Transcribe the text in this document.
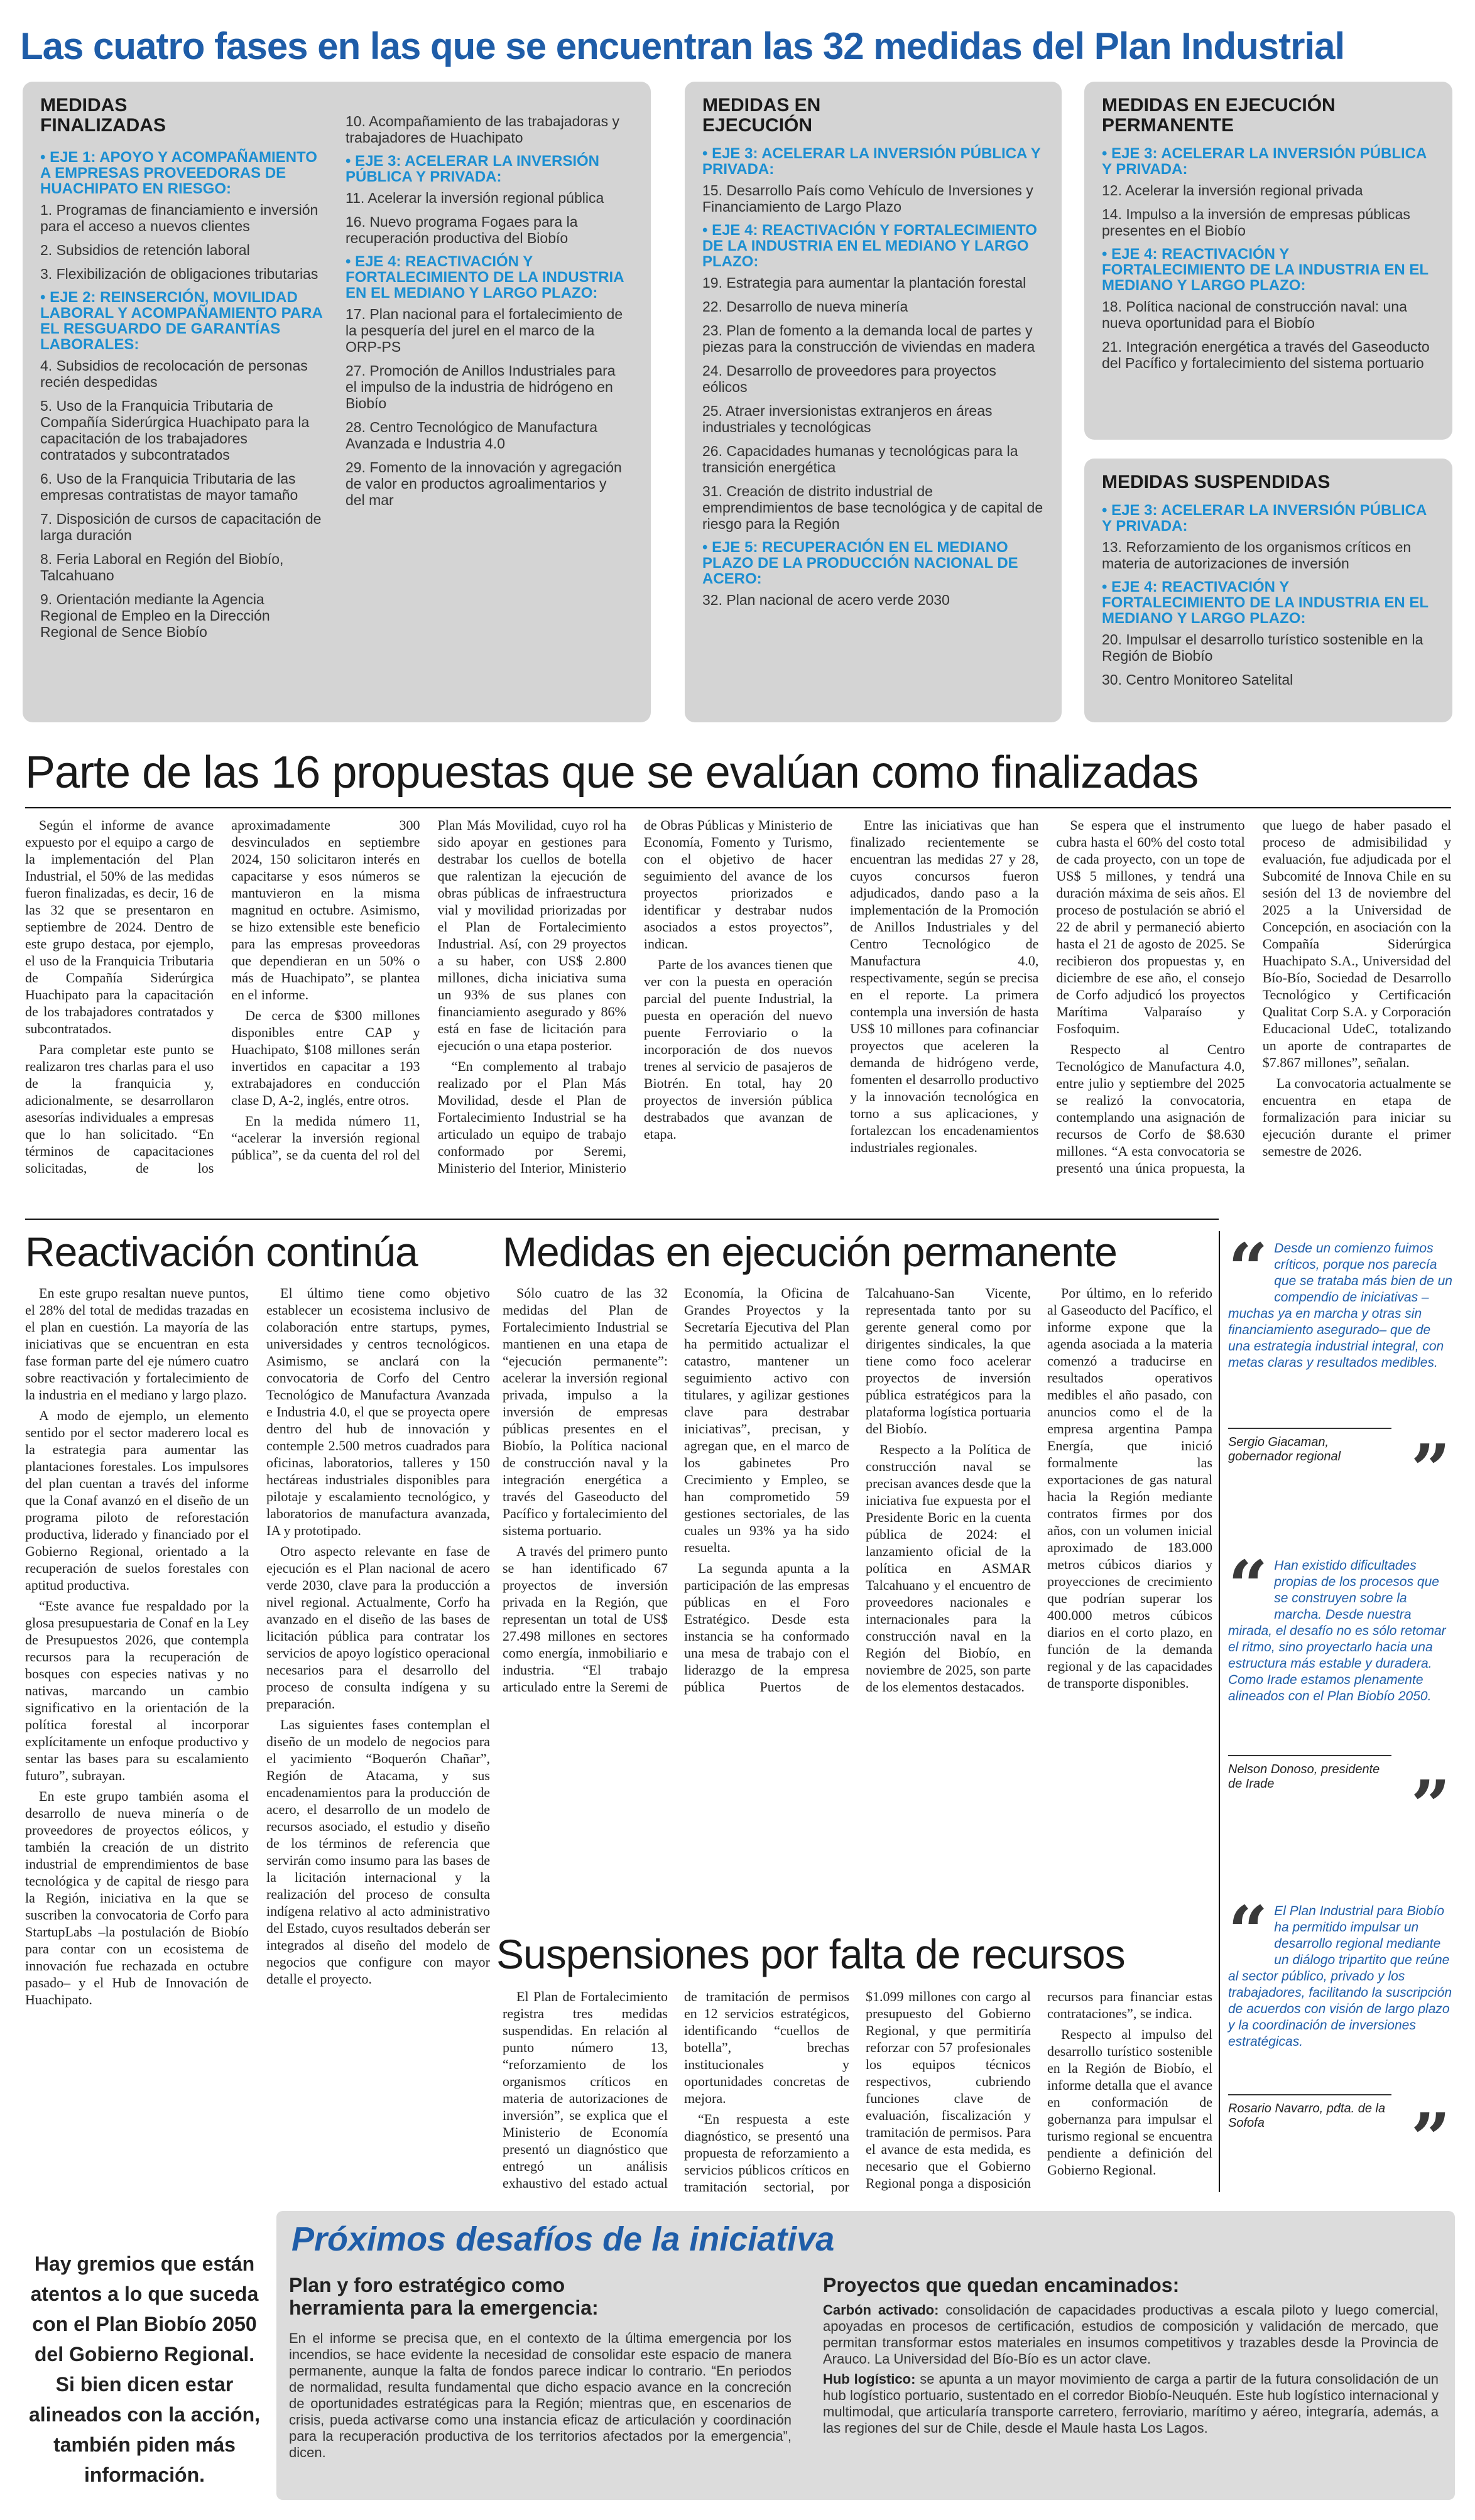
Las cuatro fases en las que se encuentran las 32 medidas del Plan Industrial
MEDIDAS FINALIZADAS
• EJE 1: APOYO Y ACOMPAÑAMIENTO A EMPRESAS PROVEEDORAS DE HUACHIPATO EN RIESGO:
1. Programas de financiamiento e inversión para el acceso a nuevos clientes
2. Subsidios de retención laboral
3. Flexibilización de obligaciones tributarias
• EJE 2: REINSERCIÓN, MOVILIDAD LABORAL Y ACOMPAÑAMIENTO PARA EL RESGUARDO DE GARANTÍAS LABORALES:
4. Subsidios de recolocación de personas recién despedidas
5. Uso de la Franquicia Tributaria de Compañía Siderúrgica Huachipato para la capacitación de los trabajadores contratados y subcontratados
6. Uso de la Franquicia Tributaria de las empresas contratistas de mayor tamaño
7. Disposición de cursos de capacitación de larga duración
8. Feria Laboral en Región del Biobío, Talcahuano
9. Orientación mediante la Agencia Regional de Empleo en la Dirección Regional de Sence Biobío
10. Acompañamiento de las trabajadoras y trabajadores de Huachipato
• EJE 3: ACELERAR LA INVERSIÓN PÚBLICA Y PRIVADA:
11. Acelerar la inversión regional pública
16. Nuevo programa Fogaes para la recuperación productiva del Biobío
• EJE 4: REACTIVACIÓN Y FORTALECIMIENTO DE LA INDUSTRIA EN EL MEDIANO Y LARGO PLAZO:
17. Plan nacional para el fortalecimiento de la pesquería del jurel en el marco de la ORP-PS
27. Promoción de Anillos Industriales para el impulso de la industria de hidrógeno en Biobío
28. Centro Tecnológico de Manufactura Avanzada e Industria 4.0
29. Fomento de la innovación y agregación de valor en productos agroalimentarios y del mar
MEDIDAS EN EJECUCIÓN
• EJE 3: ACELERAR LA INVERSIÓN PÚBLICA Y PRIVADA:
15. Desarrollo País como Vehículo de Inversiones y Financiamiento de Largo Plazo
• EJE 4: REACTIVACIÓN Y FORTALECIMIENTO DE LA INDUSTRIA EN EL MEDIANO Y LARGO PLAZO:
19. Estrategia para aumentar la plantación forestal
22. Desarrollo de nueva minería
23. Plan de fomento a la demanda local de partes y piezas para la construcción de viviendas en madera
24. Desarrollo de proveedores para proyectos eólicos
25. Atraer inversionistas extranjeros en áreas industriales y tecnológicas
26. Capacidades humanas y tecnológicas para la transición energética
31. Creación de distrito industrial de emprendimientos de base tecnológica y de capital de riesgo para la Región
• EJE 5: RECUPERACIÓN EN EL MEDIANO PLAZO DE LA PRODUCCIÓN NACIONAL DE ACERO:
32. Plan nacional de acero verde 2030
MEDIDAS EN EJECUCIÓN PERMANENTE
• EJE 3: ACELERAR LA INVERSIÓN PÚBLICA Y PRIVADA:
12. Acelerar la inversión regional privada
14. Impulso a la inversión de empresas públicas presentes en el Biobío
• EJE 4: REACTIVACIÓN Y FORTALECIMIENTO DE LA INDUSTRIA EN EL MEDIANO Y LARGO PLAZO:
18. Política nacional de construcción naval: una nueva oportunidad para el Biobío
21. Integración energética a través del Gaseoducto del Pacífico y fortalecimiento del sistema portuario
MEDIDAS SUSPENDIDAS
• EJE 3: ACELERAR LA INVERSIÓN PÚBLICA Y PRIVADA:
13. Reforzamiento de los organismos críticos en materia de autorizaciones de inversión
• EJE 4: REACTIVACIÓN Y FORTALECIMIENTO DE LA INDUSTRIA EN EL MEDIANO Y LARGO PLAZO:
20. Impulsar el desarrollo turístico sostenible en la Región de Biobío
30. Centro Monitoreo Satelital
Parte de las 16 propuestas que se evalúan como finalizadas

Según el informe de avance expuesto por el equipo a cargo de la implementación del Plan Industrial, el 50% de las medidas fueron finalizadas, es decir, 16 de las 32 que se presentaron en septiembre de 2024. Dentro de este grupo destaca, por ejemplo, el uso de la Franquicia Tributaria de Compañía Siderúrgica Huachipato para la capacitación de los trabajadores contratados y subcontratados.

Para completar este punto se realizaron tres charlas para el uso de la franquicia y, adicionalmente, se desarrollaron asesorías individuales a empresas que lo han solicitado. “En términos de capacitaciones solicitadas, de los aproximadamente 300 desvinculados en septiembre 2024, 150 solicitaron interés en capacitarse y esos números se mantuvieron en la misma magnitud en octubre. Asimismo, se hizo extensible este beneficio para las empresas proveedoras que dependieran en un 50% o más de Huachipato”, se plantea en el informe.

De cerca de $300 millones disponibles entre CAP y Huachipato, $108 millones serán invertidos en capacitar a 193 extrabajadores en conducción clase D, A-2, inglés, entre otros.

En la medida número 11, “acelerar la inversión regional pública”, se da cuenta del rol del Plan Más Movilidad, cuyo rol ha sido apoyar en gestiones para destrabar los cuellos de botella que ralentizan la ejecución de obras públicas de infraestructura vial y movilidad priorizadas por el Plan de Fortalecimiento Industrial. Así, con 29 proyectos a su haber, con US$ 2.800 millones, dicha iniciativa suma un 93% de sus planes con financiamiento asegurado y 86% está en fase de licitación para ejecución o una etapa posterior.

“En complemento al trabajo realizado por el Plan Más Movilidad, desde el Plan de Fortalecimiento Industrial se ha articulado un equipo de trabajo conformado por Seremi, Ministerio del Interior, Ministerio de Obras Públicas y Ministerio de Economía, Fomento y Turismo, con el objetivo de hacer seguimiento del avance de los proyectos priorizados e identificar y destrabar nudos asociados a estos proyectos”, indican.

Parte de los avances tienen que ver con la puesta en operación parcial del puente Industrial, la puesta en operación del nuevo puente Ferroviario o la incorporación de dos nuevos trenes al servicio de pasajeros de Biotrén. En total, hay 20 proyectos de inversión pública destrabados que avanzan de etapa.

Entre las iniciativas que han finalizado recientemente se encuentran las medidas 27 y 28, cuyos concursos fueron adjudicados, dando paso a la implementación de la Promoción de Anillos Industriales y del Centro Tecnológico de Manufactura 4.0, respectivamente, según se precisa en el reporte. La primera contempla una inversión de hasta US$ 10 millones para cofinanciar proyectos que aceleren la demanda de hidrógeno verde, fomenten el desarrollo productivo y la innovación tecnológica en torno a sus aplicaciones, y fortalezcan los encadenamientos industriales regionales.

Se espera que el instrumento cubra hasta el 60% del costo total de cada proyecto, con un tope de US$ 5 millones, y tendrá una duración máxima de seis años. El proceso de postulación se abrió el 22 de abril y permaneció abierto hasta el 21 de agosto de 2025. Se recibieron dos propuestas y, en diciembre de ese año, el consejo de Corfo adjudicó los proyectos Marítima Valparaíso y Fosfoquim.

Respecto al Centro Tecnológico de Manufactura 4.0, entre julio y septiembre del 2025 se realizó la convocatoria, contemplando una asignación de recursos de Corfo de $8.630 millones. “A esta convocatoria se presentó una única propuesta, la que luego de haber pasado el proceso de admisibilidad y evaluación, fue adjudicada por el Subcomité de Innova Chile en su sesión del 13 de noviembre del 2025 a la Universidad de Concepción, en asociación con la Compañía Siderúrgica Huachipato S.A., Universidad del Bío-Bío, Sociedad de Desarrollo Tecnológico y Certificación Qualitat Corp S.A. y Corporación Educacional UdeC, totalizando un aporte de contrapartes de $7.867 millones”, señalan.

La convocatoria actualmente se encuentra en etapa de formalización para iniciar su ejecución durante el primer semestre de 2026.

Reactivación continúa

En este grupo resaltan nueve puntos, el 28% del total de medidas trazadas en el plan en cuestión. La mayoría de las iniciativas que se encuentran en esta fase forman parte del eje número cuatro sobre reactivación y fortalecimiento de la industria en el mediano y largo plazo.

A modo de ejemplo, un elemento sentido por el sector maderero local es la estrategia para aumentar las plantaciones forestales. Los impulsores del plan cuentan a través del informe que la Conaf avanzó en el diseño de un programa piloto de reforestación productiva, liderado y financiado por el Gobierno Regional, orientado a la recuperación de suelos forestales con aptitud productiva.

“Este avance fue respaldado por la glosa presupuestaria de Conaf en la Ley de Presupuestos 2026, que contempla recursos para la recuperación de bosques con especies nativas y no nativas, marcando un cambio significativo en la orientación de la política forestal al incorporar explícitamente un enfoque productivo y sentar las bases para su escalamiento futuro”, subrayan.

En este grupo también asoma el desarrollo de nueva minería o de proveedores de proyectos eólicos, y también la creación de un distrito industrial de emprendimientos de base tecnológica y de capital de riesgo para la Región, iniciativa en la que se suscriben la convocatoria de Corfo para StartupLabs –la postulación de Biobío para contar con un ecosistema de innovación fue rechazada en octubre pasado– y el Hub de Innovación de Huachipato.

El último tiene como objetivo establecer un ecosistema inclusivo de colaboración entre startups, pymes, universidades y centros tecnológicos. Asimismo, se anclará con la convocatoria de Corfo del Centro Tecnológico de Manufactura Avanzada e Industria 4.0, el que se proyecta opere dentro del hub de innovación y contemple 2.500 metros cuadrados para oficinas, laboratorios, talleres y 150 hectáreas industriales disponibles para pilotaje y escalamiento tecnológico, y laboratorios de manufactura avanzada, IA y prototipado.

Otro aspecto relevante en fase de ejecución es el Plan nacional de acero verde 2030, clave para la producción a nivel regional. Actualmente, Corfo ha avanzado en el diseño de las bases de licitación pública para contratar los servicios de apoyo logístico operacional necesarios para el desarrollo del proceso de consulta indígena y su preparación.

Las siguientes fases contemplan el diseño de un modelo de negocios para el yacimiento “Boquerón Chañar”, Región de Atacama, y sus encadenamientos para la producción de acero, el desarrollo de un modelo de recursos asociado, el estudio y diseño de los términos de referencia que servirán como insumo para las bases de la licitación internacional y la realización del proceso de consulta indígena relativo al acto administrativo del Estado, cuyos resultados deberán ser integrados al diseño del modelo de negocios que configure con mayor detalle el proyecto.

Medidas en ejecución permanente

Sólo cuatro de las 32 medidas del Plan de Fortalecimiento Industrial se mantienen en una etapa de “ejecución permanente”: acelerar la inversión regional privada, impulso a la inversión de empresas públicas presentes en el Biobío, la Política nacional de construcción naval y la integración energética a través del Gaseoducto del Pacífico y fortalecimiento del sistema portuario.

A través del primero punto se han identificado 67 proyectos de inversión privada en la Región, que representan un total de US$ 27.498 millones en sectores como energía, inmobiliario e industria. “El trabajo articulado entre la Seremi de Economía, la Oficina de Grandes Proyectos y la Secretaría Ejecutiva del Plan ha permitido actualizar el catastro, mantener un seguimiento activo con titulares, y agilizar gestiones clave para destrabar iniciativas”, precisan, y agregan que, en el marco de los gabinetes Pro Crecimiento y Empleo, se han comprometido 59 gestiones sectoriales, de las cuales un 93% ya ha sido resuelta.

La segunda apunta a la participación de las empresas públicas en el Foro Estratégico. Desde esta instancia se ha conformado una mesa de trabajo con el liderazgo de la empresa pública Puertos de Talcahuano-San Vicente, representada tanto por su gerente general como por dirigentes sindicales, la que tiene como foco acelerar proyectos de inversión pública estratégicos para la plataforma logística portuaria del Biobío.

Respecto a la Política de construcción naval se precisan avances desde que la iniciativa fue expuesta por el Presidente Boric en la cuenta pública de 2024: el lanzamiento oficial de la política en ASMAR Talcahuano y el encuentro de proveedores nacionales e internacionales para la construcción naval en la Región del Biobío, en noviembre de 2025, son parte de los elementos destacados.

Por último, en lo referido al Gaseoducto del Pacífico, el informe expone que la agenda asociada a la materia comenzó a traducirse en resultados operativos medibles el año pasado, con anuncios como el de la empresa argentina Pampa Energía, que inició formalmente las exportaciones de gas natural hacia la Región mediante contratos firmes por dos años, con un volumen inicial aproximado de 183.000 metros cúbicos diarios y proyecciones de crecimiento que podrían superar los 400.000 metros cúbicos diarios en el corto plazo, en función de la demanda regional y de las capacidades de transporte disponibles.

Suspensiones por falta de recursos

El Plan de Fortalecimiento registra tres medidas suspendidas. En relación al punto número 13, “reforzamiento de los organismos críticos en materia de autorizaciones de inversión”, se explica que el Ministerio de Economía presentó un diagnóstico que entregó un análisis exhaustivo del estado actual de tramitación de permisos en 12 servicios estratégicos, identificando “cuellos de botella”, brechas institucionales y oportunidades concretas de mejora.

“En respuesta a este diagnóstico, se presentó una propuesta de reforzamiento a servicios públicos críticos en tramitación sectorial, por $1.099 millones con cargo al presupuesto del Gobierno Regional, y que permitiría reforzar con 57 profesionales los equipos técnicos respectivos, cubriendo funciones clave de evaluación, fiscalización y tramitación de permisos. Para el avance de esta medida, es necesario que el Gobierno Regional ponga a disposición recursos para financiar estas contrataciones”, se indica.

Respecto al impulso del desarrollo turístico sostenible en la Región de Biobío, el informe detalla que el avance en conformación de gobernanza para impulsar el turismo regional se encuentra pendiente a definición del Gobierno Regional.

“ Desde un comienzo fuimos críticos, porque nos parecía que se trataba más bien de un compendio de iniciativas –muchas ya en marcha y otras sin financiamiento asegurado– que de una estrategia industrial integral, con metas claras y resultados medibles.
Sergio Giacaman, gobernador regional	”
“ Han existido dificultades propias de los procesos que se construyen sobre la marcha. Desde nuestra mirada, el desafío no es sólo retomar el ritmo, sino proyectarlo hacia una estructura más estable y duradera. Como Irade estamos plenamente alineados con el Plan Biobío 2050.
Nelson Donoso, presidente de Irade	”
“ El Plan Industrial para Biobío ha permitido impulsar un desarrollo regional mediante un diálogo tripartito que reúne al sector público, privado y los trabajadores, facilitando la suscripción de acuerdos con visión de largo plazo y la coordinación de inversiones estratégicas.
Rosario Navarro, pdta. de la Sofofa	”
Hay gremios que están atentos a lo que suceda con el Plan Biobío 2050 del Gobierno Regional. Si bien dicen estar alineados con la acción, también piden más información.
Próximos desafíos de la iniciativa
Plan y foro estratégico como herramienta para la emergencia:

En el informe se precisa que, en el contexto de la última emergencia por los incendios, se hace evidente la necesidad de consolidar este espacio de manera permanente, aunque la falta de fondos parece indicar lo contrario. “En periodos de normalidad, resulta fundamental que dicho espacio avance en la concreción de oportunidades estratégicas para la Región; mientras que, en escenarios de crisis, pueda activarse como una instancia eficaz de articulación y coordinación para la recuperación productiva de los territorios afectados por la emergencia”, dicen.

Proyectos que quedan encaminados:

Carbón activado: consolidación de capacidades productivas a escala piloto y luego comercial, apoyadas en procesos de certificación, estudios de composición y validación de mercado, que permitan transformar estos materiales en insumos competitivos y trazables desde la Provincia de Arauco. La Universidad del Bío-Bío es un actor clave.

Hub logístico: se apunta a un mayor movimiento de carga a partir de la futura consolidación de un hub logístico portuario, sustentado en el corredor Biobío-Neuquén. Este hub logístico internacional y multimodal, que articularía transporte carretero, ferroviario, marítimo y aéreo, integraría, además, a las regiones del sur de Chile, desde el Maule hasta Los Lagos.
